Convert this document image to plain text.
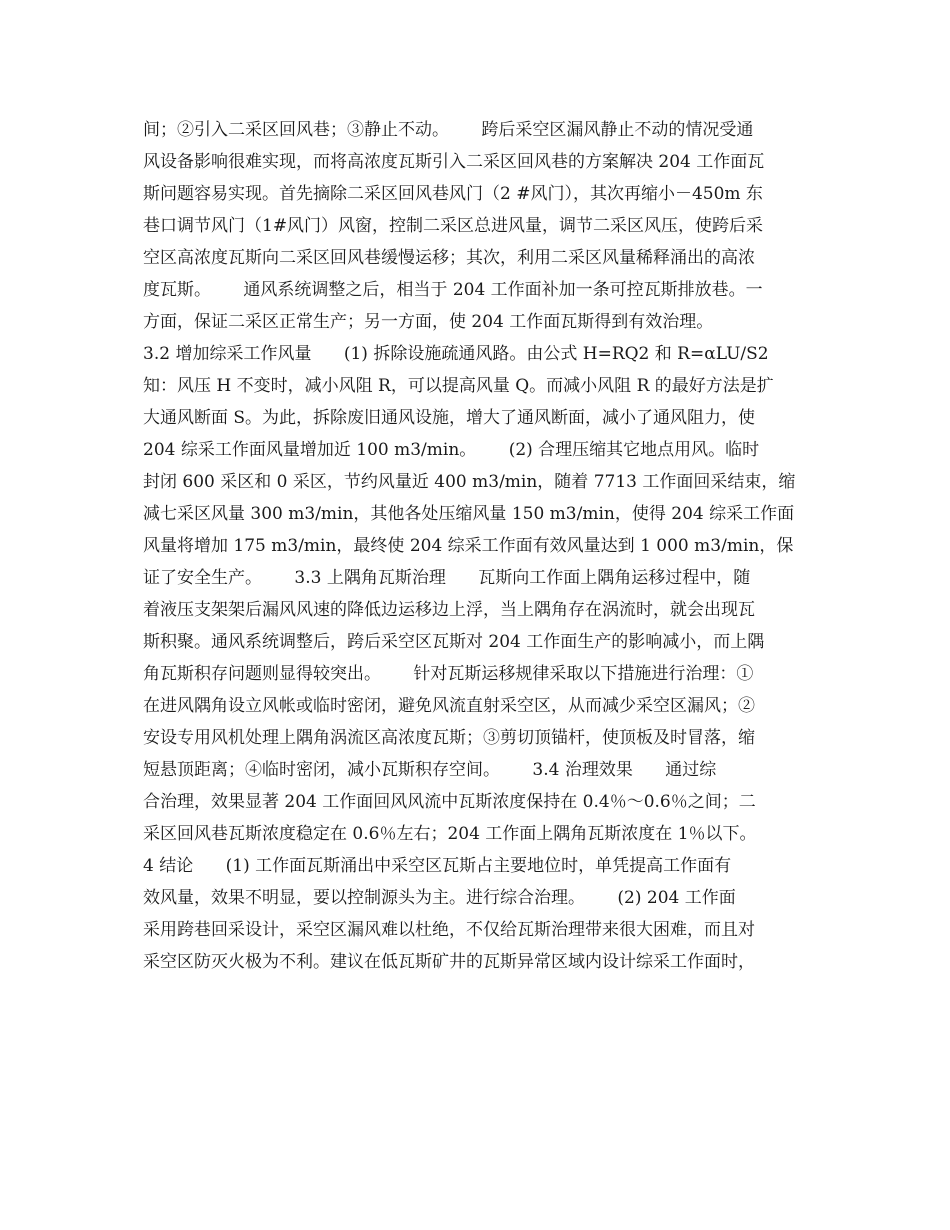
间；②引入二采区回风巷；③静止不动。      跨后采空区漏风静止不动的情况受通
风设备影响很难实现，而将高浓度瓦斯引入二采区回风巷的方案解决 204 工作面瓦
斯问题容易实现。首先摘除二采区回风巷风门（2 #风门），其次再缩小－450m 东
巷口调节风门（1#风门）风窗，控制二采区总进风量，调节二采区风压，使跨后采
空区高浓度瓦斯向二采区回风巷缓慢运移；其次，利用二采区风量稀释涌出的高浓
度瓦斯。      通风系统调整之后，相当于 204 工作面补加一条可控瓦斯排放巷。一
方面，保证二采区正常生产；另一方面，使 204 工作面瓦斯得到有效治理。
3.2 增加综采工作风量      (1) 拆除设施疏通风路。由公式 H=RQ2 和 R=αLU/S2
知：风压 H 不变时，减小风阻 R，可以提高风量 Q。而减小风阻 R 的最好方法是扩
大通风断面 S。为此，拆除废旧通风设施，增大了通风断面，减小了通风阻力，使
204 综采工作面风量增加近 100 m3/min。      (2) 合理压缩其它地点用风。临时
封闭 600 采区和 0 采区，节约风量近 400 m3/min，随着 7713 工作面回采结束，缩
减七采区风量 300 m3/min，其他各处压缩风量 150 m3/min，使得 204 综采工作面
风量将增加 175 m3/min，最终使 204 综采工作面有效风量达到 1 000 m3/min，保
证了安全生产。      3.3 上隅角瓦斯治理      瓦斯向工作面上隅角运移过程中，随
着液压支架架后漏风风速的降低边运移边上浮，当上隅角存在涡流时，就会出现瓦
斯积聚。通风系统调整后，跨后采空区瓦斯对 204 工作面生产的影响减小，而上隅
角瓦斯积存问题则显得较突出。      针对瓦斯运移规律采取以下措施进行治理：①
在进风隅角设立风帐或临时密闭，避免风流直射采空区，从而减少采空区漏风；②
安设专用风机处理上隅角涡流区高浓度瓦斯；③剪切顶锚杆，使顶板及时冒落，缩
短悬顶距离；④临时密闭，减小瓦斯积存空间。      3.4 治理效果      通过综
合治理，效果显著 204 工作面回风风流中瓦斯浓度保持在 0.4％～0.6％之间；二
采区回风巷瓦斯浓度稳定在 0.6％左右；204 工作面上隅角瓦斯浓度在 1％以下。
4 结论      (1) 工作面瓦斯涌出中采空区瓦斯占主要地位时，单凭提高工作面有
效风量，效果不明显，要以控制源头为主。进行综合治理。      (2) 204 工作面
采用跨巷回采设计，采空区漏风难以杜绝，不仅给瓦斯治理带来很大困难，而且对
采空区防灭火极为不利。建议在低瓦斯矿井的瓦斯异常区域内设计综采工作面时，
